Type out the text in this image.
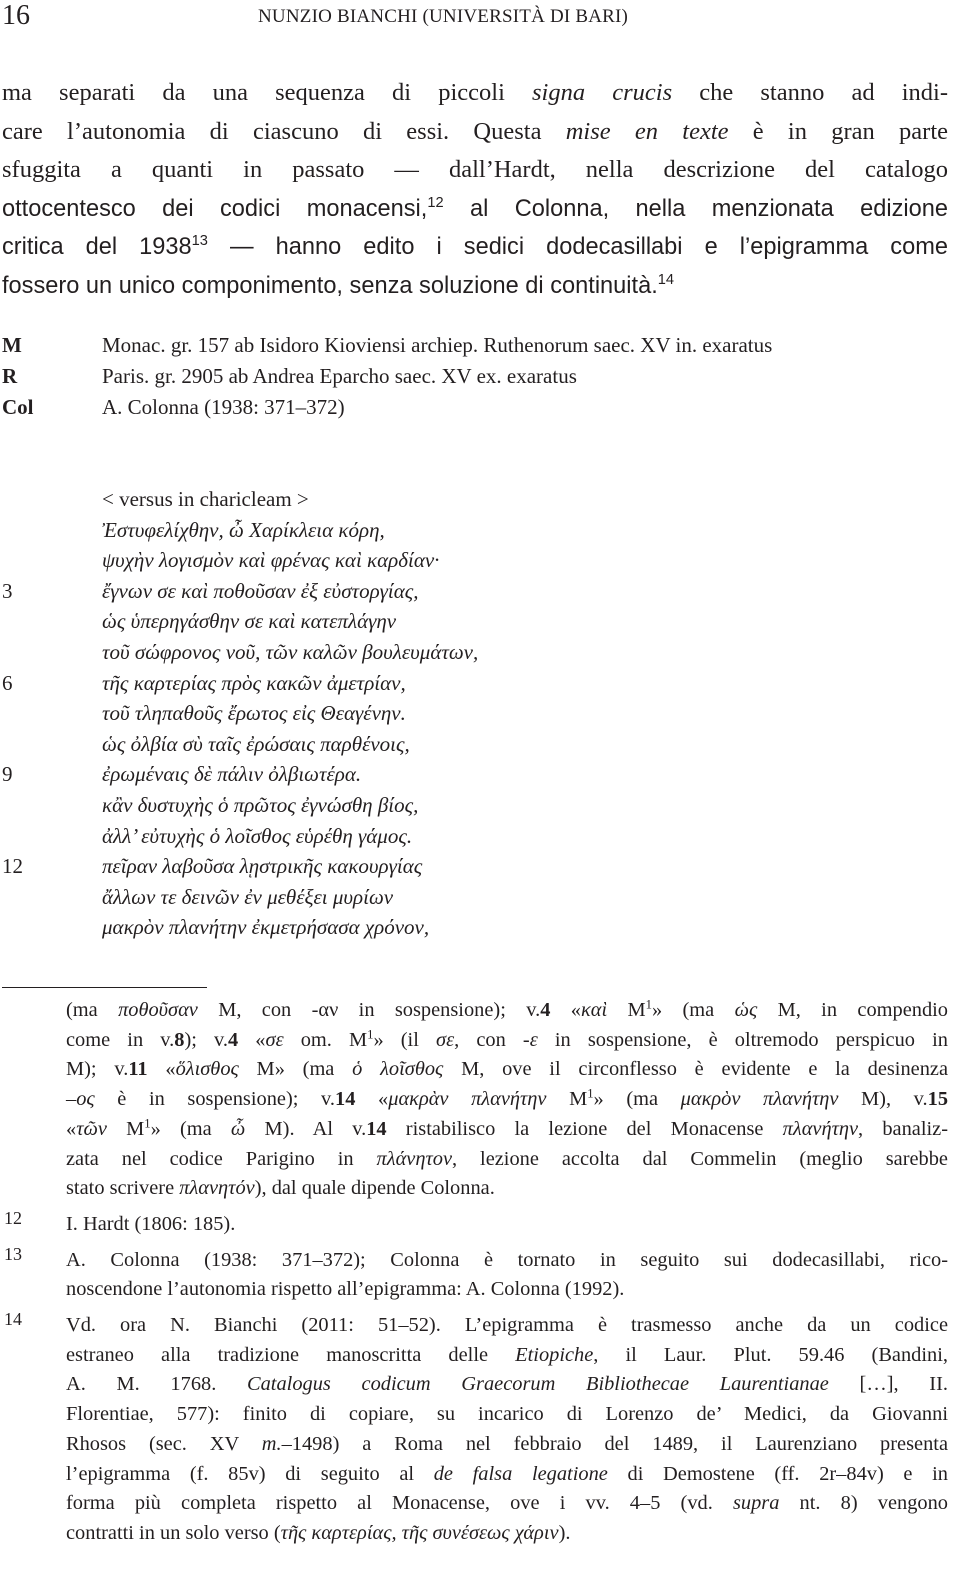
16	NUNZIO BIANCHI (UNIVERSITÀ DI BARI)
ma separati da una sequenza di piccoli signa crucis che stanno ad indi-
care l’autonomia di ciascuno di essi. Questa mise en texte è in gran parte
sfuggita a quanti in passato — dall’Hardt, nella descrizione del catalogo
ottocentesco dei codici monacensi,$^{12}$ al Colonna, nella menzionata edizione
critica del 1938$^{13}$ — hanno edito i sedici dodecasillabi e l’epigramma come
fossero un unico componimento, senza soluzione di continuità.$^{14}$
M	Monac. gr. 157 ab Isidoro Kioviensi archiep. Ruthenorum saec. XV in. exaratus
R	Paris. gr. 2905 ab Andrea Eparcho saec. XV ex. exaratus
Col	A. Colonna (1938: 371–372)
< versus in charicleam >
Ἐστυφελίχθην, ὦ Χαρίκλεια κόρη,
ψυχὴν λογισμὸν καὶ φρένας καὶ καρδίαν·
3	ἔγνων σε καὶ ποθοῦσαν ἐξ εὐστοργίας,
ὡς ὑπερηγάσθην σε καὶ κατεπλάγην
τοῦ σώφρονος νοῦ, τῶν καλῶν βουλευμάτων,
6	τῆς καρτερίας πρὸς κακῶν ἀμετρίαν,
τοῦ τληπαθοῦς ἔρωτος εἰς Θεαγένην.
ὡς ὀλβία σὺ ταῖς ἐρώσαις παρθένοις,
9	ἐρωμέναις δὲ πάλιν ὀλβιωτέρα.
κἂν δυστυχὴς ὁ πρῶτος ἐγνώσθη βίος,
ἀλλ’ εὐτυχὴς ὁ λοῖσθος εὑρέθη γάμος.
12	πεῖραν λαβοῦσα λῃστρικῆς κακουργίας
ἄλλων τε δεινῶν ἐν μεθέξει μυρίων
μακρὸν πλανήτην ἐκμετρήσασα χρόνον,
(ma ποθοῦσαν M, con -αν in sospensione); v.4 «καὶ $M^1$» (ma ὡς M, in compendio
come in v.8); v.4 «σε om. $M^1$» (il σε, con -ε in sospensione, è oltremodo perspicuo in
M); v.11 «ὅλισθος M» (ma ὁ λοῖσθος M, ove il circonflesso è evidente e la desinenza
–ος è in sospensione); v.14 «μακρὰν πλανήτην $M^1$» (ma μακρὸν πλανήτην M), v.15
«τῶν $M^1$» (ma ὦ M). Al v.14 ristabilisco la lezione del Monacense πλανήτην, banaliz-
zata nel codice Parigino in πλάνητον, lezione accolta dal Commelin (meglio sarebbe
stato scrivere πλανητόν), dal quale dipende Colonna.
12 I. Hardt (1806: 185).
13 A. Colonna (1938: 371–372); Colonna è tornato in seguito sui dodecasillabi, rico-
noscendone l’autonomia rispetto all’epigramma: A. Colonna (1992).
14 Vd. ora N. Bianchi (2011: 51–52). L’epigramma è trasmesso anche da un codice
estraneo alla tradizione manoscritta delle Etiopiche, il Laur. Plut. 59.46 (Bandini,
A. M. 1768. Catalogus codicum Graecorum Bibliothecae Laurentianae […], II.
Florentiae, 577): finito di copiare, su incarico di Lorenzo de’ Medici, da Giovanni
Rhosos (sec. XV m.–1498) a Roma nel febbraio del 1489, il Laurenziano presenta
l’epigramma (f. 85v) di seguito al de falsa legatione di Demostene (ff. 2r–84v) e in
forma più completa rispetto al Monacense, ove i vv. 4–5 (vd. supra nt. 8) vengono
contratti in un solo verso (τῆς καρτερίας, τῆς συνέσεως χάριν).
